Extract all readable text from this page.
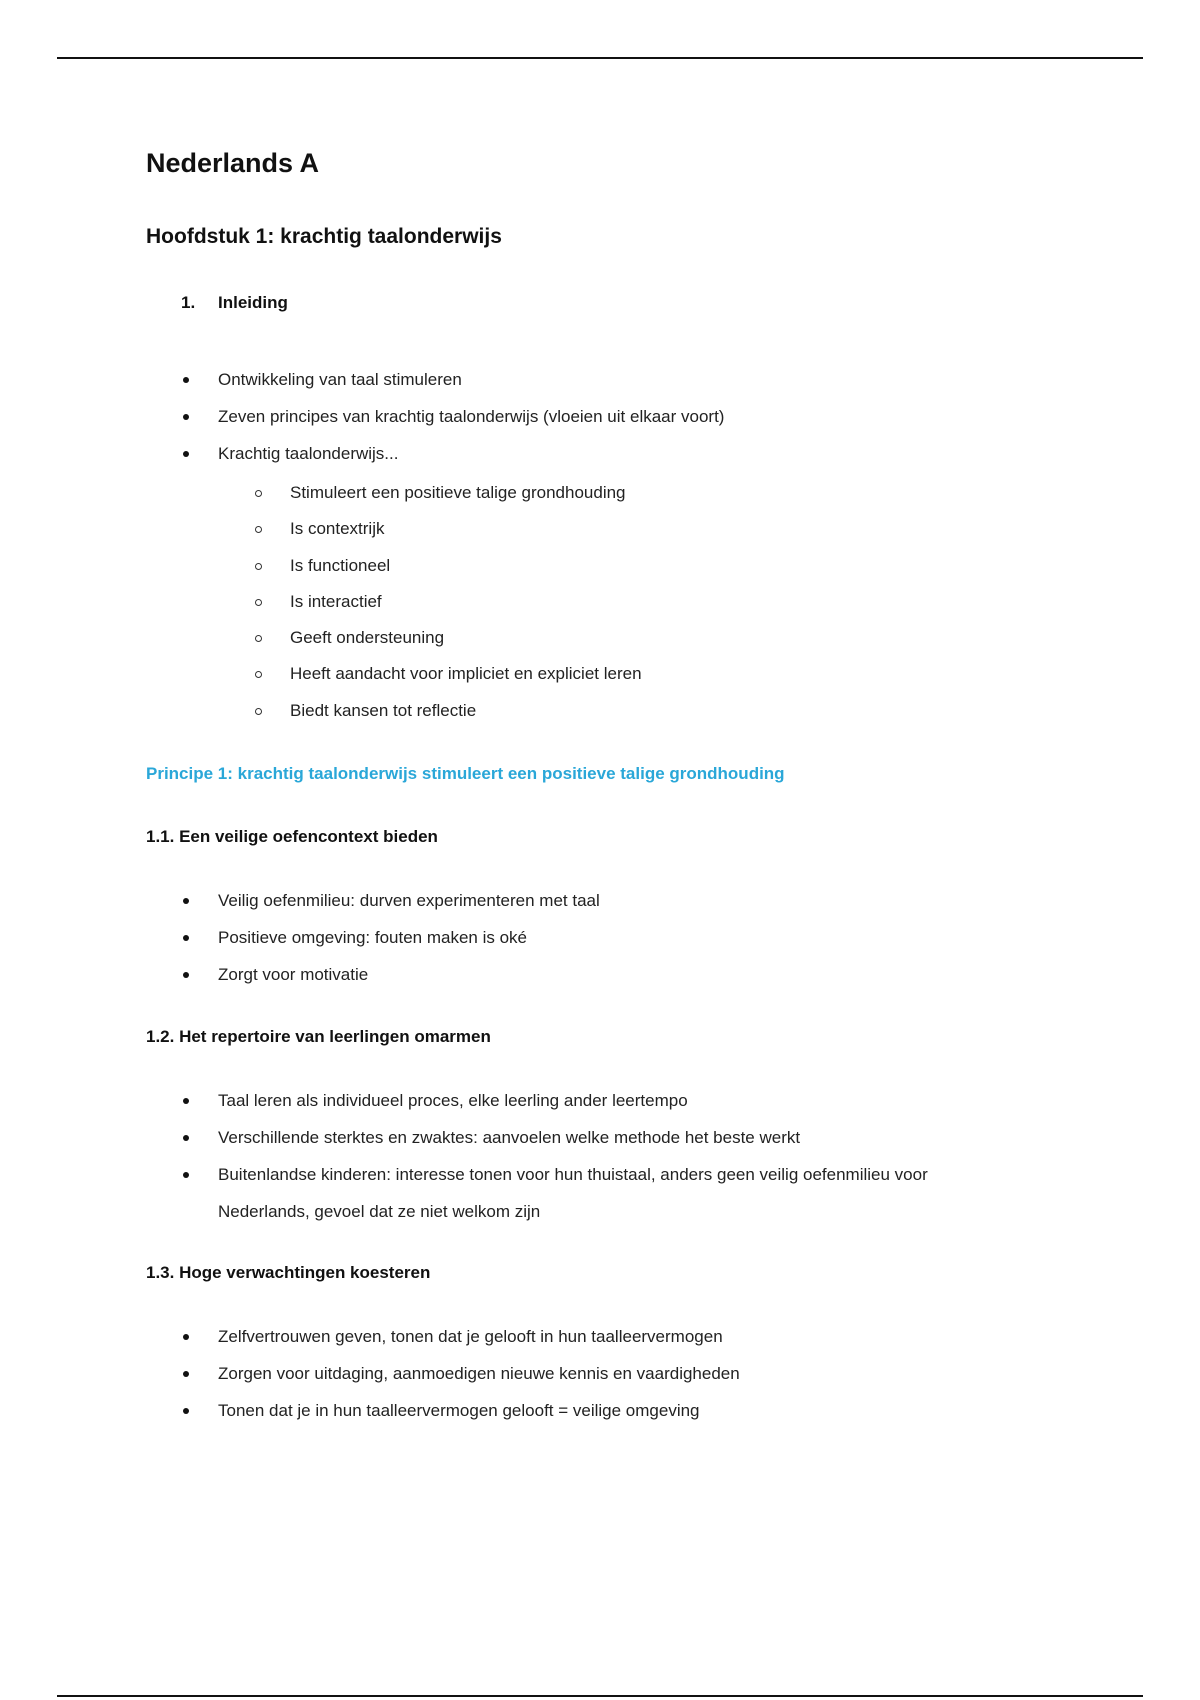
Nederlands A
Hoofdstuk 1: krachtig taalonderwijs
1. Inleiding
Ontwikkeling van taal stimuleren
Zeven principes van krachtig taalonderwijs (vloeien uit elkaar voort)
Krachtig taalonderwijs...
Stimuleert een positieve talige grondhouding
Is contextrijk
Is functioneel
Is interactief
Geeft ondersteuning
Heeft aandacht voor impliciet en expliciet leren
Biedt kansen tot reflectie
Principe 1: krachtig taalonderwijs stimuleert een positieve talige grondhouding
1.1. Een veilige oefencontext bieden
Veilig oefenmilieu: durven experimenteren met taal
Positieve omgeving: fouten maken is oké
Zorgt voor motivatie
1.2. Het repertoire van leerlingen omarmen
Taal leren als individueel proces, elke leerling ander leertempo
Verschillende sterktes en zwaktes: aanvoelen welke methode het beste werkt
Buitenlandse kinderen: interesse tonen voor hun thuistaal, anders geen veilig oefenmilieu voor Nederlands, gevoel dat ze niet welkom zijn
1.3. Hoge verwachtingen koesteren
Zelfvertrouwen geven, tonen dat je gelooft in hun taalleervermogen
Zorgen voor uitdaging, aanmoedigen nieuwe kennis en vaardigheden
Tonen dat je in hun taalleervermogen gelooft = veilige omgeving
